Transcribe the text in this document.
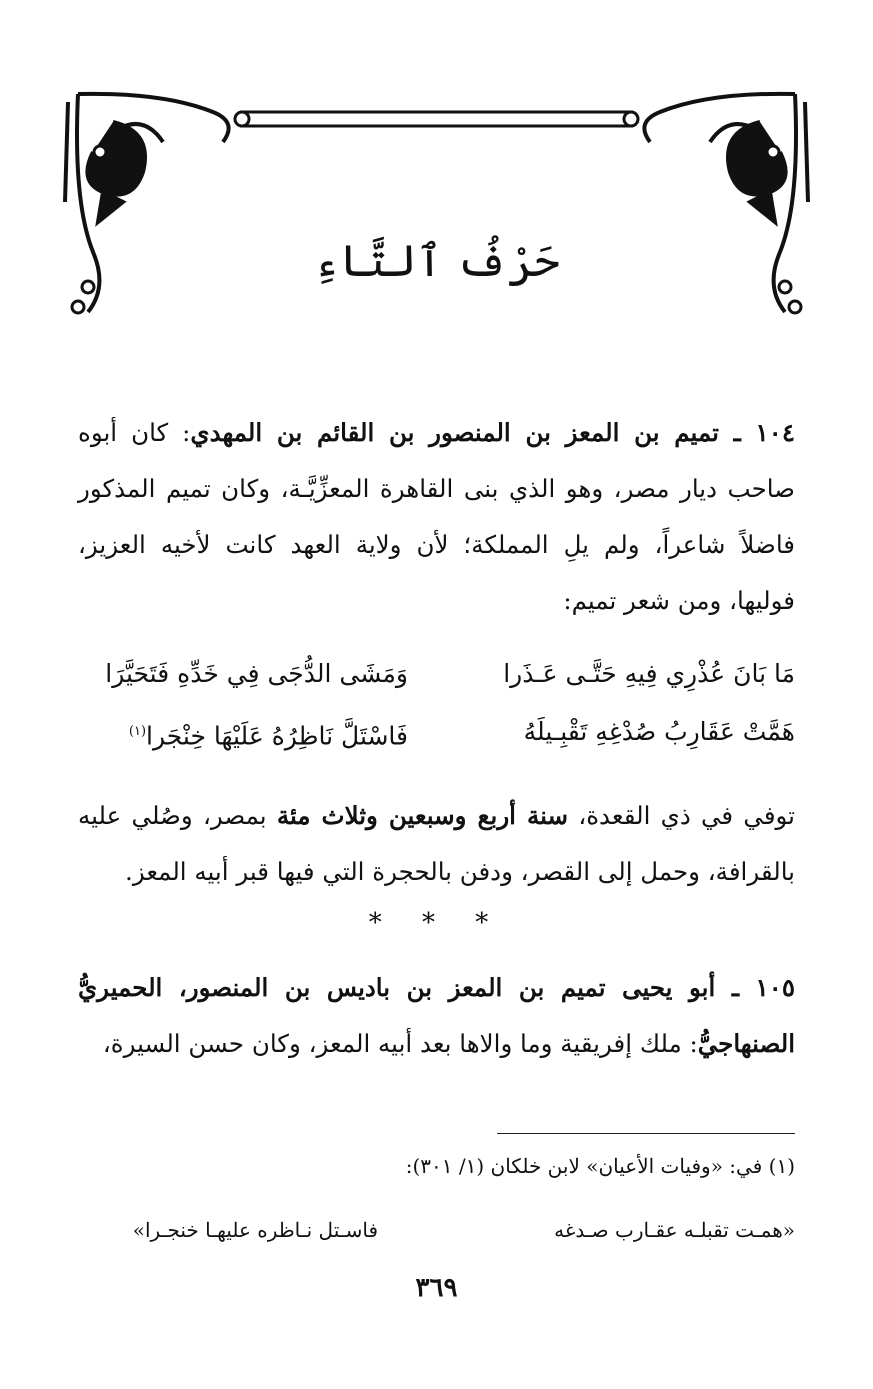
حَرْفُ ٱلتَّاءِ
١٠٤ ـ تميم بن المعز بن المنصور بن القائم بن المهدي: كان أبوه صاحب ديار مصر، وهو الذي بنى القاهرة المعزِّيَّـة، وكان تميم المذكور فاضلاً شاعراً، ولم يلِ المملكة؛ لأن ولاية العهد كانت لأخيه العزيز، فوليها، ومن شعر تميم:
مَا بَانَ عُذْرِي فِيهِ حَتَّـى عَـذَرا
وَمَشَى الدُّجَى فِي خَدِّهِ فَتَحَيَّرَا
هَمَّتْ عَقَارِبُ صُدْغِهِ تَقْبِـيلَهُ
فَاسْتَلَّ نَاظِرُهُ عَلَيْهَا خِنْجَرا$^{(١)}$
توفي في ذي القعدة، سنة أربع وسبعين وثلاث مئة بمصر، وصُلي عليه بالقرافة، وحمل إلى القصر، ودفن بالحجرة التي فيها قبر أبيه المعز.
* * *
١٠٥ ـ أبو يحيى تميم بن المعز بن باديس بن المنصور، الحميريُّ الصنهاجيُّ: ملك إفريقية وما والاها بعد أبيه المعز، وكان حسن السيرة،
(١) في: «وفيات الأعيان» لابن خلكان (١/ ٣٠١):
«همـت تقبلـه عقـارب صـدغه
فاسـتل نـاظره عليهـا خنجـرا»
٣٦٩
